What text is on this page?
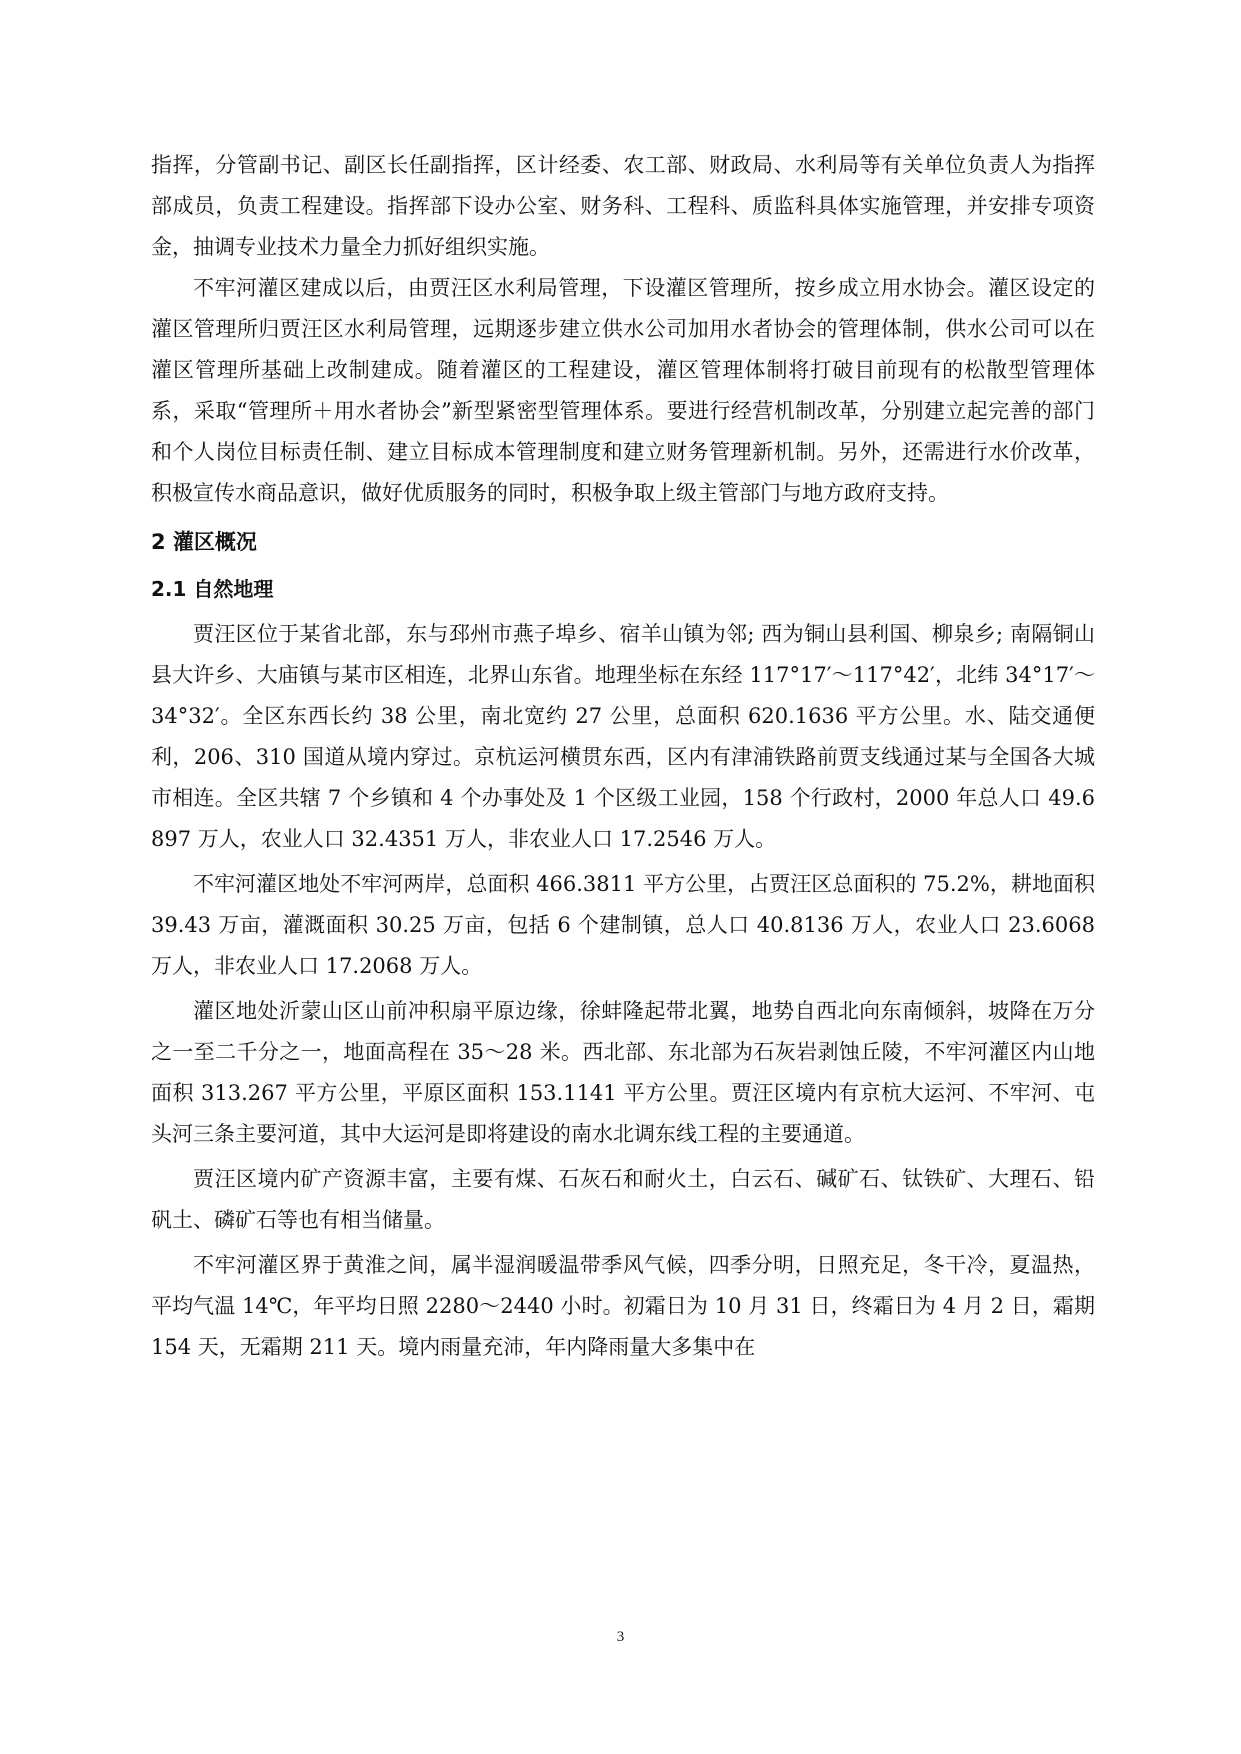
指挥，分管副书记、副区长任副指挥，区计经委、农工部、财政局、水利局等有关单位负责人为指挥部成员，负责工程建设。指挥部下设办公室、财务科、工程科、质监科具体实施管理，并安排专项资金，抽调专业技术力量全力抓好组织实施。

不牢河灌区建成以后，由贾汪区水利局管理，下设灌区管理所，按乡成立用水协会。灌区设定的灌区管理所归贾汪区水利局管理，远期逐步建立供水公司加用水者协会的管理体制，供水公司可以在灌区管理所基础上改制建成。随着灌区的工程建设，灌区管理体制将打破目前现有的松散型管理体系，采取“管理所＋用水者协会”新型紧密型管理体系。要进行经营机制改革，分别建立起完善的部门和个人岗位目标责任制、建立目标成本管理制度和建立财务管理新机制。另外，还需进行水价改革，积极宣传水商品意识，做好优质服务的同时，积极争取上级主管部门与地方政府支持。

2 灌区概况
2.1 自然地理

贾汪区位于某省北部，东与邳州市燕子埠乡、宿羊山镇为邻; 西为铜山县利国、柳泉乡; 南隔铜山县大许乡、大庙镇与某市区相连，北界山东省。地理坐标在东经 117°17′～117°42′，北纬 34°17′～34°32′。全区东西长约 38 公里，南北宽约 27 公里，总面积 620.1636 平方公里。水、陆交通便利，206、310 国道从境内穿过。京杭运河横贯东西，区内有津浦铁路前贾支线通过某与全国各大城市相连。全区共辖 7 个乡镇和 4 个办事处及 1 个区级工业园，158 个行政村，2000 年总人口 49.6897 万人，农业人口 32.4351 万人，非农业人口 17.2546 万人。

不牢河灌区地处不牢河两岸，总面积 466.3811 平方公里，占贾汪区总面积的 75.2%，耕地面积 39.43 万亩，灌溉面积 30.25 万亩，包括 6 个建制镇，总人口 40.8136 万人，农业人口 23.6068 万人，非农业人口 17.2068 万人。

灌区地处沂蒙山区山前冲积扇平原边缘，徐蚌隆起带北翼，地势自西北向东南倾斜，坡降在万分之一至二千分之一，地面高程在 35～28 米。西北部、东北部为石灰岩剥蚀丘陵，不牢河灌区内山地面积 313.267 平方公里，平原区面积 153.1141 平方公里。贾汪区境内有京杭大运河、不牢河、屯头河三条主要河道，其中大运河是即将建设的南水北调东线工程的主要通道。

贾汪区境内矿产资源丰富，主要有煤、石灰石和耐火土，白云石、碱矿石、钛铁矿、大理石、铅矾土、磷矿石等也有相当储量。

不牢河灌区界于黄淮之间，属半湿润暖温带季风气候，四季分明，日照充足，冬干冷，夏温热，平均气温 14℃，年平均日照 2280～2440 小时。初霜日为 10 月 31 日，终霜日为 4 月 2 日，霜期 154 天，无霜期 211 天。境内雨量充沛，年内降雨量大多集中在

3
